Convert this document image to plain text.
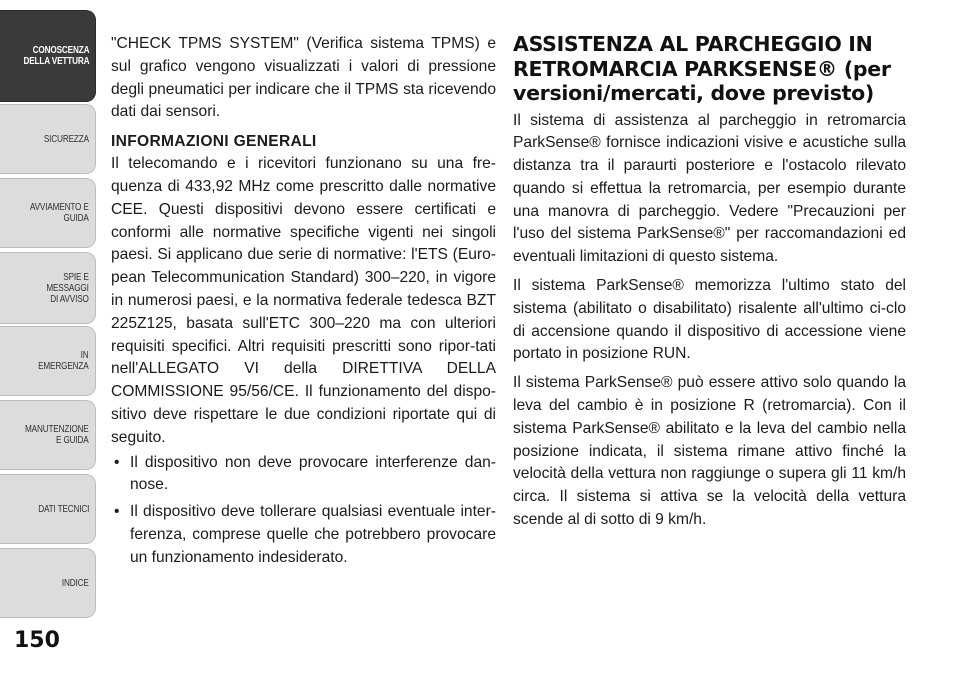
CONOSCENZA
DELLA VETTURA
SICUREZZA
AVVIAMENTO E
GUIDA
SPIE E
MESSAGGI
DI AVVISO
IN
EMERGENZA
MANUTENZIONE
E GUIDA
DATI TECNICI
INDICE
150

"CHECK TPMS SYSTEM" (Verifica sistema TPMS) e sul grafico vengono visualizzati i valori di pressione degli pneumatici per indicare che il TPMS sta ricevendo dati dai sensori.

INFORMAZIONI GENERALI

Il telecomando e i ricevitori funzionano su una fre-quenza di 433,92 MHz come prescritto dalle normative CEE. Questi dispositivi devono essere certificati e conformi alle normative specifiche vigenti nei singoli paesi. Si applicano due serie di normative: l'ETS (Euro-pean Telecommunication Standard) 300–220, in vigore in numerosi paesi, e la normativa federale tedesca BZT 225Z125, basata sull'ETC 300–220 ma con ulteriori requisiti specifici. Altri requisiti prescritti sono ripor-tati nell'ALLEGATO VI della DIRETTIVA DELLA COMMISSIONE 95/56/CE. Il funzionamento del dispo-sitivo deve rispettare le due condizioni riportate qui di seguito.

• Il dispositivo non deve provocare interferenze dan-nose.
• Il dispositivo deve tollerare qualsiasi eventuale inter-ferenza, comprese quelle che potrebbero provocare un funzionamento indesiderato.
ASSISTENZA AL PARCHEGGIO IN RETROMARCIA PARKSENSE® (per versioni/mercati, dove previsto)

Il sistema di assistenza al parcheggio in retromarcia ParkSense® fornisce indicazioni visive e acustiche sulla distanza tra il paraurti posteriore e l'ostacolo rilevato quando si effettua la retromarcia, per esempio durante una manovra di parcheggio. Vedere "Precauzioni per l'uso del sistema ParkSense®" per raccomandazioni ed eventuali limitazioni di questo sistema.

Il sistema ParkSense® memorizza l'ultimo stato del sistema (abilitato o disabilitato) risalente all'ultimo ci-clo di accensione quando il dispositivo di accessione viene portato in posizione RUN.

Il sistema ParkSense® può essere attivo solo quando la leva del cambio è in posizione R (retromarcia). Con il sistema ParkSense® abilitato e la leva del cambio nella posizione indicata, il sistema rimane attivo finché la velocità della vettura non raggiunge o supera gli 11 km/h circa. Il sistema si attiva se la velocità della vettura scende al di sotto di 9 km/h.
